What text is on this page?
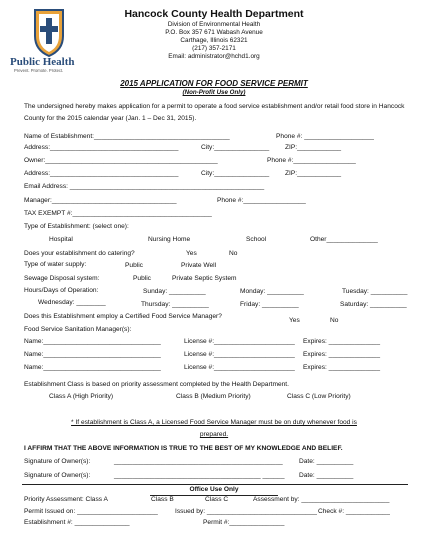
Public Health
Prevent. Promote. Protect.
Hancock County Health Department
Division of Environmental Health
P.O. Box 357 671 Wabash Avenue
Carthage, Illinois 62321
(217) 357-2171
Email: administrator@hchd1.org
2015 APPLICATION FOR FOOD SERVICE PERMIT
(Non-Profit Use Only)
The undersigned hereby makes application for a permit to operate a food service establishment and/or retail food store in Hancock County for the 2015 calendar year (Jan. 1 – Dec 31, 2015).
Name of Establishment:_____________________________________	Phone #: ___________________
Address:___________________________________	City:_______________ ZIP:____________
Owner:_______________________________________________	Phone #:_________________
Address:___________________________________	City:_______________ ZIP:____________
Email Address: _____________________________________________________
Manager:__________________________________	Phone #:_________________
TAX EXEMPT #:______________________________________
Type of Establishment: (select one):
Hospital	Nursing Home	School	Other______________
Does your establishment do catering?	Yes	No
Type of water supply:	Public	Private Well
Sewage Disposal system:	Public	Private Septic System
Hours/Days of Operation:	Sunday: __________	Monday: __________	Tuesday: __________
Wednesday: ________	Thursday: __________	Friday: __________	Saturday: __________
Does this Establishment employ a Certified Food Service Manager?
Yes	No
Food Service Sanitation Manager(s):
Name:________________________________	License #:______________________ Expires: ______________
Name:________________________________	License #:______________________ Expires: ______________
Name:________________________________	License #:______________________ Expires: ______________
Establishment Class is based on priority assessment completed by the Health Department.
Class A (High Priority)	Class B (Medium Priority)	Class C (Low Priority)
* If establishment is Class A, a Licensed Food Service Manager must be on duty whenever food is
prepared.
I AFFIRM THAT THE ABOVE INFORMATION IS TRUE TO THE BEST OF MY KNOWLEDGE AND BELIEF.
Signature of Owner(s):	______________________________________________ Date: __________
Signature of Owner(s):	________________________________________ ______ Date: __________
Office Use Only
Priority Assessment: Class A	Class B	Class C	Assessment by: ________________________
Permit Issued on: ______________________	Issued by: ______________________________ Check #: ____________
Establishment #: _______________	Permit #:_______________
